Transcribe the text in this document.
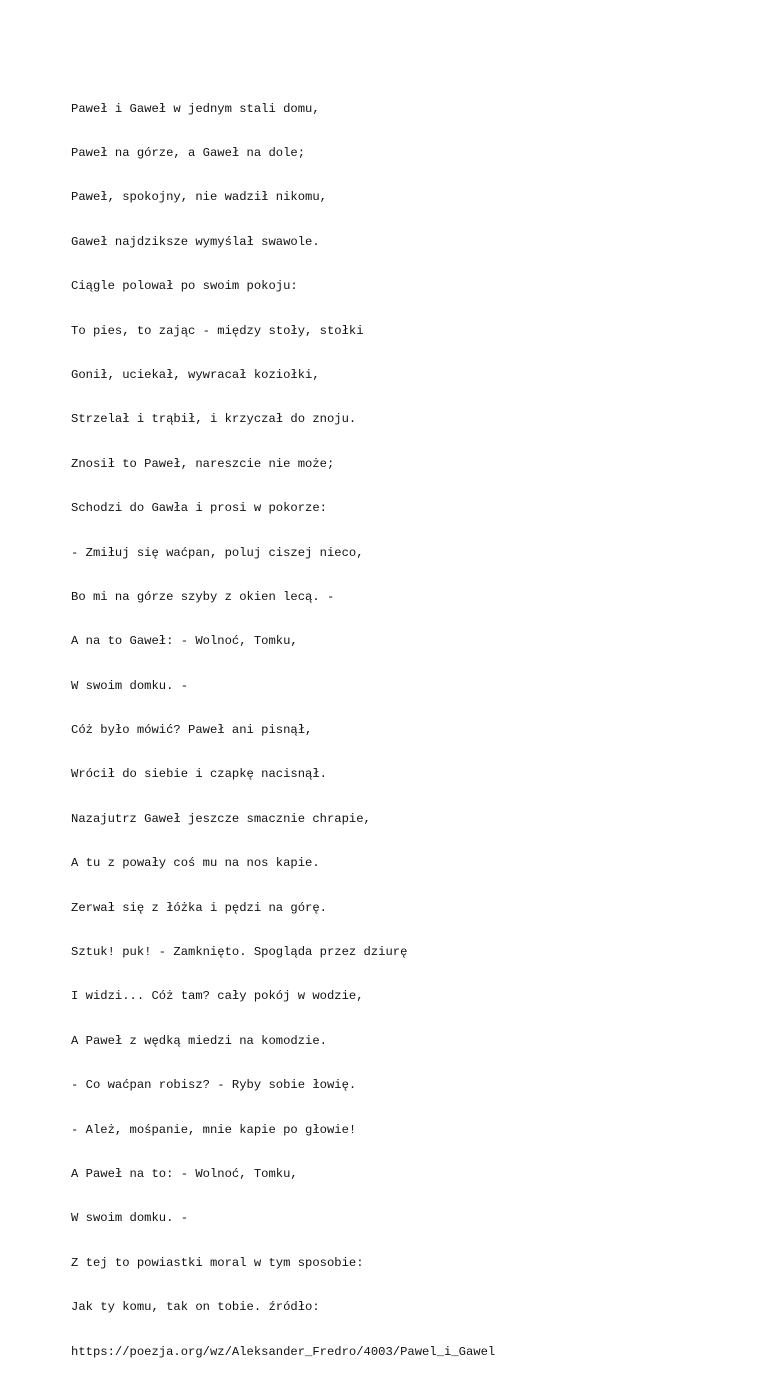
Paweł i Gaweł w jednym stali domu,

Paweł na górze, a Gaweł na dole;

Paweł, spokojny, nie wadził nikomu,

Gaweł najdziksze wymyślał swawole.

Ciągle polował po swoim pokoju:

To pies, to zając - między stoły, stołki

Gonił, uciekał, wywracał koziołki,

Strzelał i trąbił, i krzyczał do znoju.

Znosił to Paweł, nareszcie nie może;

Schodzi do Gawła i prosi w pokorze:

- Zmiłuj się waćpan, poluj ciszej nieco,

Bo mi na górze szyby z okien lecą. -

A na to Gaweł: - Wolnoć, Tomku,

W swoim domku. -

Cóż było mówić? Paweł ani pisnął,

Wrócił do siebie i czapkę nacisnął.

Nazajutrz Gaweł jeszcze smacznie chrapie,

A tu z powały coś mu na nos kapie.

Zerwał się z łóżka i pędzi na górę.

Sztuk! puk! - Zamknięto. Spogląda przez dziurę

I widzi... Cóż tam? cały pokój w wodzie,

A Paweł z wędką miedzi na komodzie.

- Co waćpan robisz? - Ryby sobie łowię.

- Ależ, mośpanie, mnie kapie po głowie!

A Paweł na to: - Wolnoć, Tomku,

W swoim domku. -

Z tej to powiastki moral w tym sposobie:

Jak ty komu, tak on tobie. źródło:

https://poezja.org/wz/Aleksander_Fredro/4003/Pawel_i_Gawel
